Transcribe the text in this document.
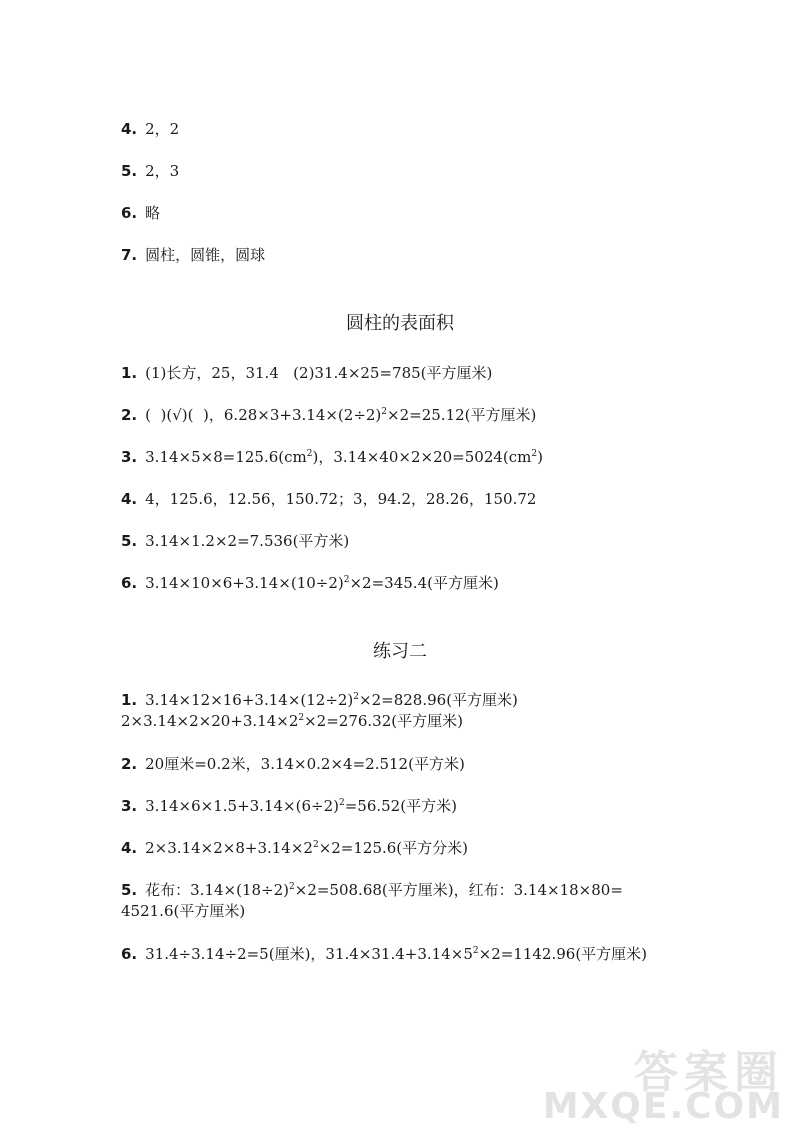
4. 2，2
5. 2，3
6. 略
7. 圆柱，圆锥，圆球
圆柱的表面积
1. (1)长方，25，31.4   (2)31.4×25=785(平方厘米)
2. (  )(√)(  )，$6.28\times 3+3.14\times(2\div 2)^2\times 2=25.12$(平方厘米)
3. $3.14\times 5\times 8=125.6(cm^2)$，$3.14\times 40\times 2\times 20=5024(cm^2)$
4. 4，125.6，12.56，150.72；3，94.2，28.26，150.72
5. 3.14×1.2×2=7.536(平方米)
6. $3.14\times 10\times 6+3.14\times(10\div 2)^2\times 2=345.4$(平方厘米)
练习二
1. $3.14\times 12\times 16+3.14\times(12\div 2)^2\times 2=828.96$(平方厘米)
$2\times 3.14\times 2\times 20+3.14\times 2^2\times 2=276.32$(平方厘米)
2. 20厘米=0.2米，3.14×0.2×4=2.512(平方米)
3. $3.14\times 6\times 1.5+3.14\times(6\div 2)^2=56.52$(平方米)
4. $2\times 3.14\times 2\times 8+3.14\times 2^2\times 2=125.6$(平方分米)
5. 花布：$3.14\times(18\div 2)^2\times 2=508.68$(平方厘米)，红布：3.14×18×80=
4521.6(平方厘米)
6. 31.4÷3.14÷2=5(厘米)，$31.4\times 31.4+3.14\times 5^2\times 2=1142.96$(平方厘米)
答案圈
MXQE.COM
